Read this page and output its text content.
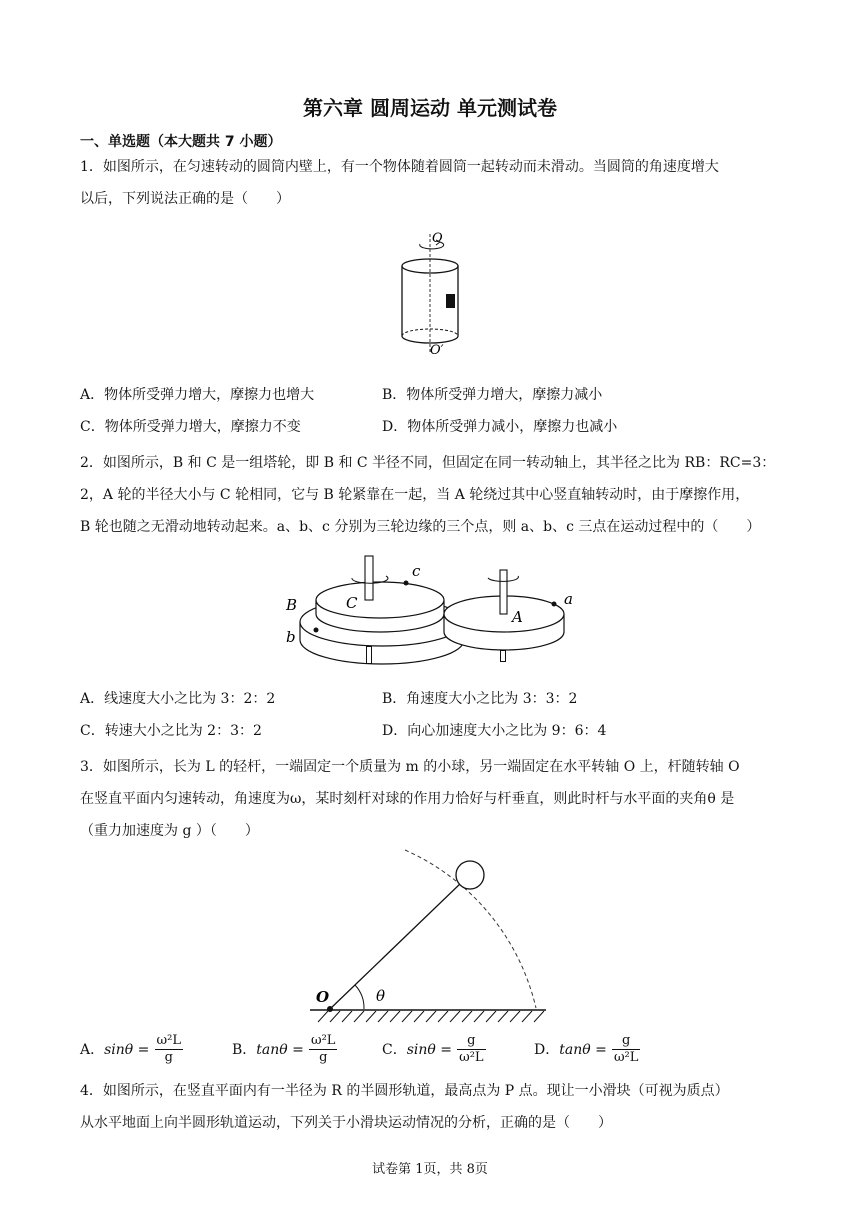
第六章 圆周运动 单元测试卷
一、单选题（本大题共 7 小题）
1．如图所示，在匀速转动的圆筒内壁上，有一个物体随着圆筒一起转动而未滑动。当圆筒的角速度增大
以后，下列说法正确的是（　　）
O
O′
A．物体所受弹力增大，摩擦力也增大	B．物体所受弹力增大，摩擦力减小
C．物体所受弹力增大，摩擦力不变	D．物体所受弹力减小，摩擦力也减小
2．如图所示，B 和 C 是一组塔轮，即 B 和 C 半径不同，但固定在同一转动轴上，其半径之比为 RB：RC=3：
2，A 轮的半径大小与 C 轮相同，它与 B 轮紧靠在一起，当 A 轮绕过其中心竖直轴转动时，由于摩擦作用，
B 轮也随之无滑动地转动起来。a、b、c 分别为三轮边缘的三个点，则 a、b、c 三点在运动过程中的（　　）
B	C
A
a
b
c
A．线速度大小之比为 3：2：2	B．角速度大小之比为 3：3：2
C．转速大小之比为 2：3：2	D．向心加速度大小之比为 9：6：4
3．如图所示，长为 L 的轻杆，一端固定一个质量为 m 的小球，另一端固定在水平转轴 O 上，杆随转轴 O
在竖直平面内匀速转动，角速度为ω，某时刻杆对球的作用力恰好与杆垂直，则此时杆与水平面的夹角θ 是
（重力加速度为 g ）（　　）
O	θ
A．$\sin\theta = \frac{\text{ω²L}}{g}$	B．$\tan\theta = \frac{\text{ω²L}}{g}$	C．$\sin\theta = \frac{g}{\text{ω²L}}$	D．$\tan\theta = \frac{g}{\text{ω²L}}$
4．如图所示，在竖直平面内有一半径为 R 的半圆形轨道，最高点为 P 点。现让一小滑块（可视为质点）
从水平地面上向半圆形轨道运动，下列关于小滑块运动情况的分析，正确的是（　　）
试卷第 1页，共 8页
